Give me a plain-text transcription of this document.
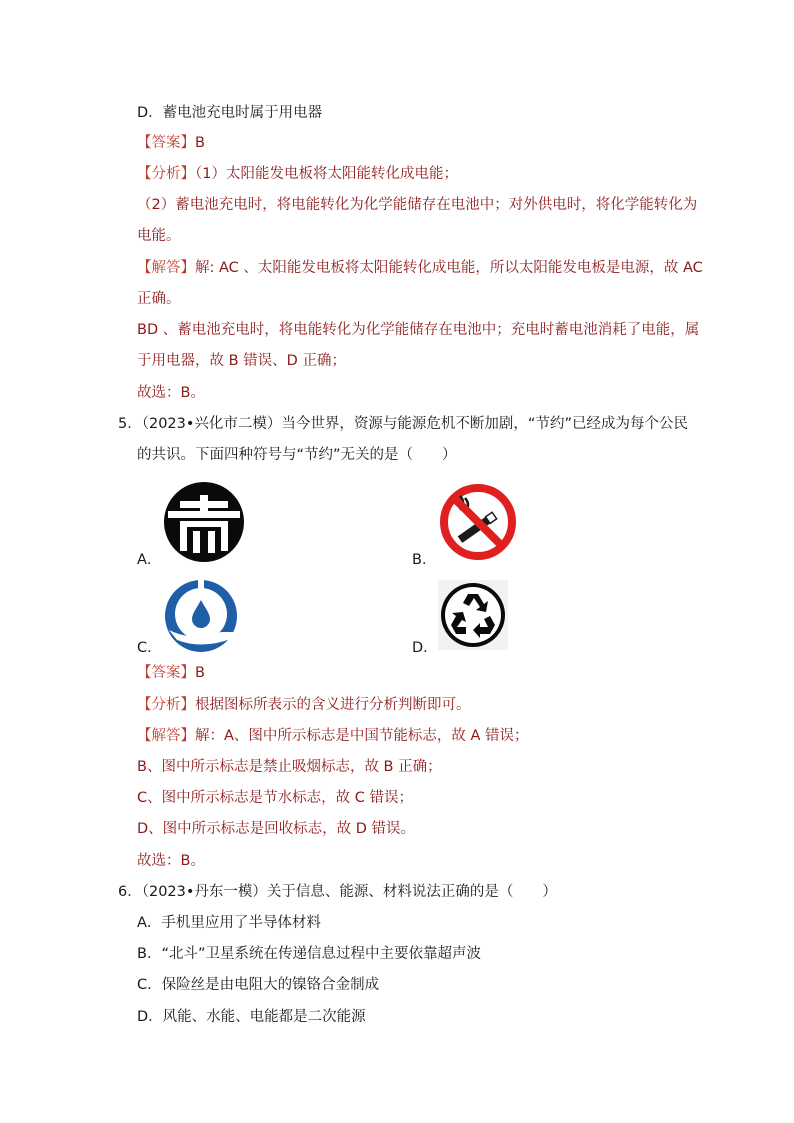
D．蓄电池充电时属于用电器
【答案】B
【分析】（1）太阳能发电板将太阳能转化成电能；
（2）蓄电池充电时，将电能转化为化学能储存在电池中；对外供电时，将化学能转化为
电能。
【解答】解: AC 、太阳能发电板将太阳能转化成电能，所以太阳能发电板是电源，故 AC
正确。
BD 、蓄电池充电时，将电能转化为化学能储存在电池中；充电时蓄电池消耗了电能，属
于用电器，故 B 错误、D 正确；
故选：B。
5．（2023•兴化市二模）当今世界，资源与能源危机不断加剧，“节约”已经成为每个公民
的共识。下面四种符号与“节约”无关的是（　　）
A．	B．
C．	D．
【答案】B
【分析】根据图标所表示的含义进行分析判断即可。
【解答】解：A、图中所示标志是中国节能标志，故 A 错误；
B、图中所示标志是禁止吸烟标志，故 B 正确；
C、图中所示标志是节水标志，故 C 错误；
D、图中所示标志是回收标志，故 D 错误。
故选：B。
6．（2023•丹东一模）关于信息、能源、材料说法正确的是（　　）
A．手机里应用了半导体材料
B．“北斗”卫星系统在传递信息过程中主要依靠超声波
C．保险丝是由电阻大的镍铬合金制成
D．风能、水能、电能都是二次能源
